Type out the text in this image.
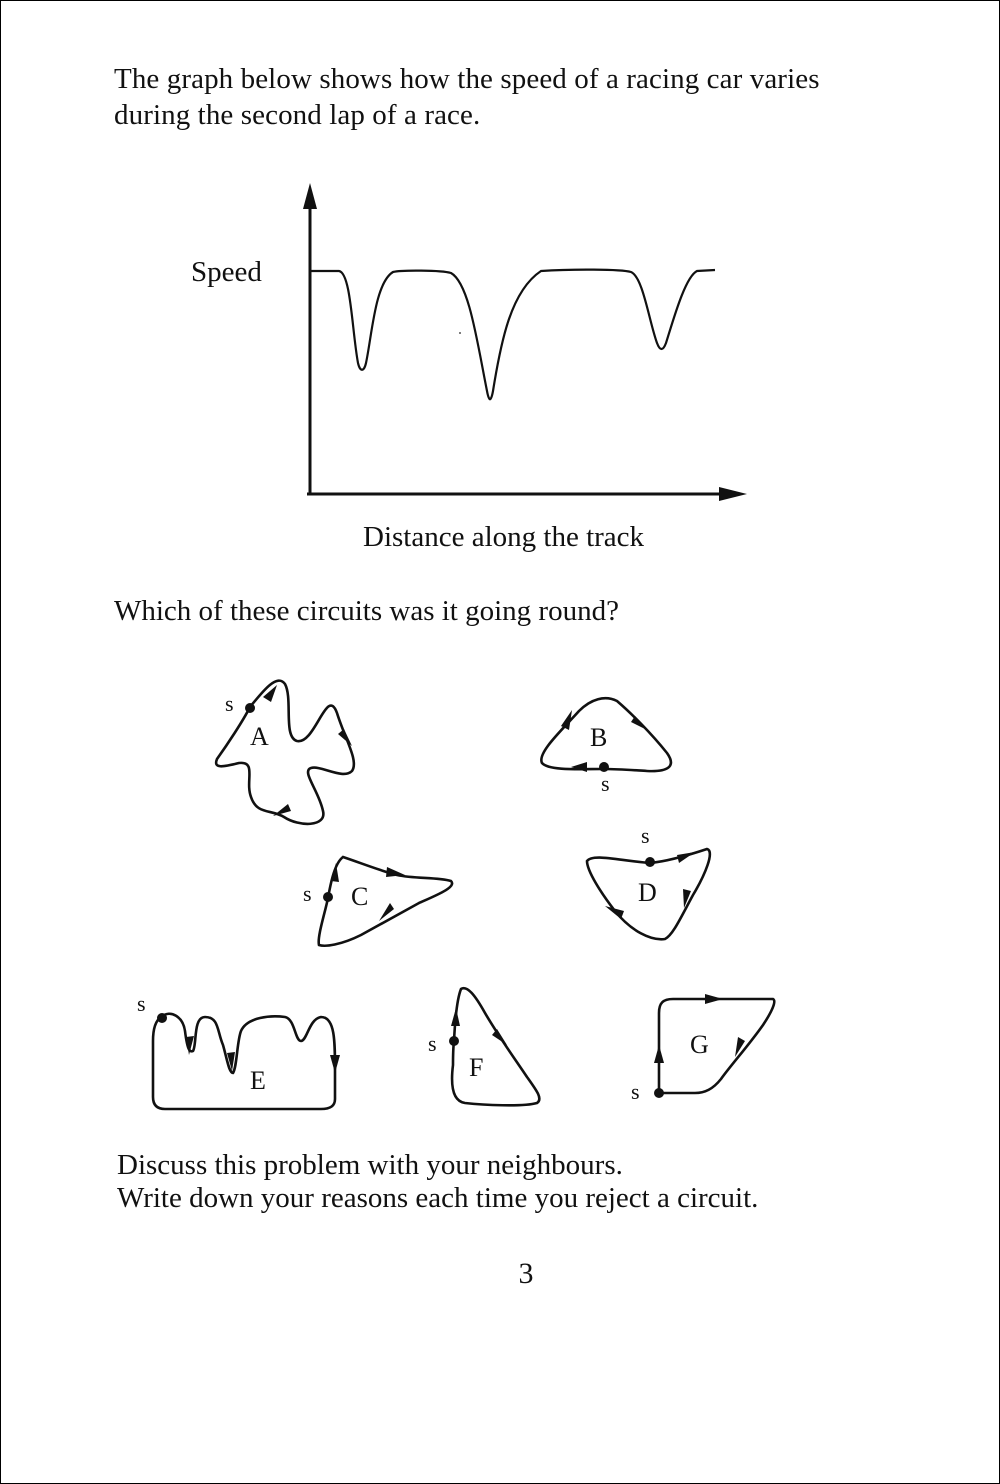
The graph below shows how the speed of a racing car varies
during the second lap of a race.

Speed
Distance along the track
s
A	B
s
s C
s
D
s
E
s
F
s
G

Which of these circuits was it going round?

Discuss this problem with your neighbours.
Write down your reasons each time you reject a circuit.

3
